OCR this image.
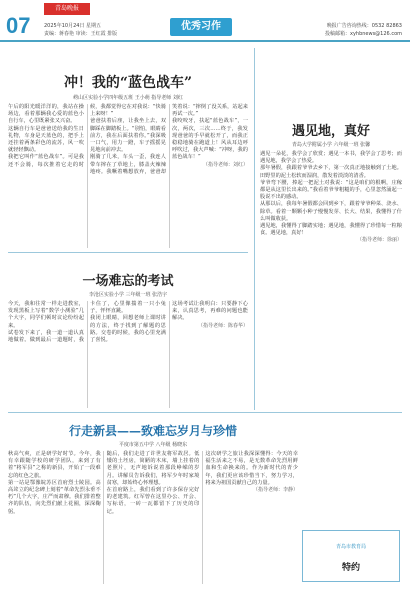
07
青岛晚报
2025年10月24日 星期五
责编：蒋春艳 审读：王红霞 排版
优秀习作	晚报广告咨询热线：0532 82863
投稿邮箱：xyhbnews@126.com
冲！我的“蓝色战车”
崂山区实验小学四年级五班 王小萌 指导老师 刘红

午后的阳光暖洋洋的，我站在操场边，看着那辆我心爱的蓝色小自行车，心里既紧张又兴奋。

这辆自行车是爸爸送给我的生日礼物，车身是天蓝色的，把手上还挂着两条彩色的流苏，风一吹就轻轻飘动。

我把它叫作“蓝色战车”。可是我还不会骑，每次推着它走的时候，我都觉得它在对我说：“快骑上来呀！”

爸爸扶着后座，让我坐上去，双脚踩在脚踏板上。“别怕，眼睛看前方，我在后面扶着你。”我深吸一口气，用力一蹬，车子摇摇晃晃地向前冲去。

刚骑了几米，车头一歪，我连人带车摔在了草地上，膝盖火辣辣地疼。我噘着嘴想放弃，爸爸却笑着说：“摔倒了没关系，站起来再试一次。”

我咬咬牙，扶起“蓝色战车”，一次，两次，三次……终于，我发现爸爸的手早就松开了，而我正稳稳地骑在跑道上！风从耳边呼呼吹过，我大声喊：“冲呀，我的蓝色战车！”

（指导老师：刘红）
一场难忘的考试
李沧区实验小学 三年级一班 张浩宇

今天，我和往常一样走进教室，发现黑板上写着“数学小测验”几个大字，同学们顿时议论纷纷起来。

试卷发下来了，我一道一道认真地做着。做到最后一道题时，我卡住了，心里像揣着一只小兔子，怦怦直跳。

我闭上眼睛，回想老师上课时讲的方法，终于找到了解题的思路。交卷的时候，我的心里充满了喜悦。

这场考试让我明白：只要静下心来，认真思考，再难的问题也能解决。

（指导老师：陈春华）
遇见地，真好
青岛大学附属小学 六年级一班 张馨

遇见一朵花，我学会了欣赏；遇见一本书，我学会了思考；而遇见地，我学会了热爱。

那年暑假，我跟着爷爷去乡下，第一次真正地接触到了土地。田野里的泥土松软而湿润，散发着淡淡的清香。

爷爷弯下腰，捧起一把泥土对我说：“这是咱们的根啊，庄稼都是从这里长出来的。”我看着爷爷粗糙的手，心里忽然涌起一股说不出的感动。

从那以后，我每年暑假都会回到乡下，跟着爷爷种菜、浇水、除草。看着一颗颗小种子慢慢发芽、长大、结果，我懂得了什么叫做收获。

遇见地，我懂得了脚踏实地；遇见地，我懂得了珍惜每一粒粮食。遇见地，真好！

（指导老师：徐丽）
行走新县——致难忘岁月与珍惜
平度市第五中学 八年级 杨晓东

秋高气爽，正是研学好时节。今年，我有幸跟随学校的研学团队，来到了有着“将军县”之称的新县，开始了一段难忘的红色之旅。

第一站是鄂豫皖苏区首府烈士陵园。高高耸立的纪念碑上刻着“革命先烈永垂不朽”几个大字，庄严而肃穆。我们排着整齐的队伍，向先烈们献上花圈，深深鞠躬。

随后，我们走进了许世友将军故居。低矮的土坯房，简陋的木床，墙上挂着的老照片，无声地诉说着那段峥嵘的岁月。讲解员告诉我们，将军少年时家境贫寒，却始终心怀理想。

在首府路上，我们看到了许多保存完好的老建筑。红军曾在这里办公、开会、写标语，一砖一瓦都留下了历史的印记。

这次研学之旅让我深深懂得：今天的幸福生活来之不易，是无数革命先烈用鲜血和生命换来的。作为新时代的青少年，我们更应该珍惜当下，努力学习，将来为祖国贡献自己的力量。

（指导老师：李静）
青岛市教育局
特约
